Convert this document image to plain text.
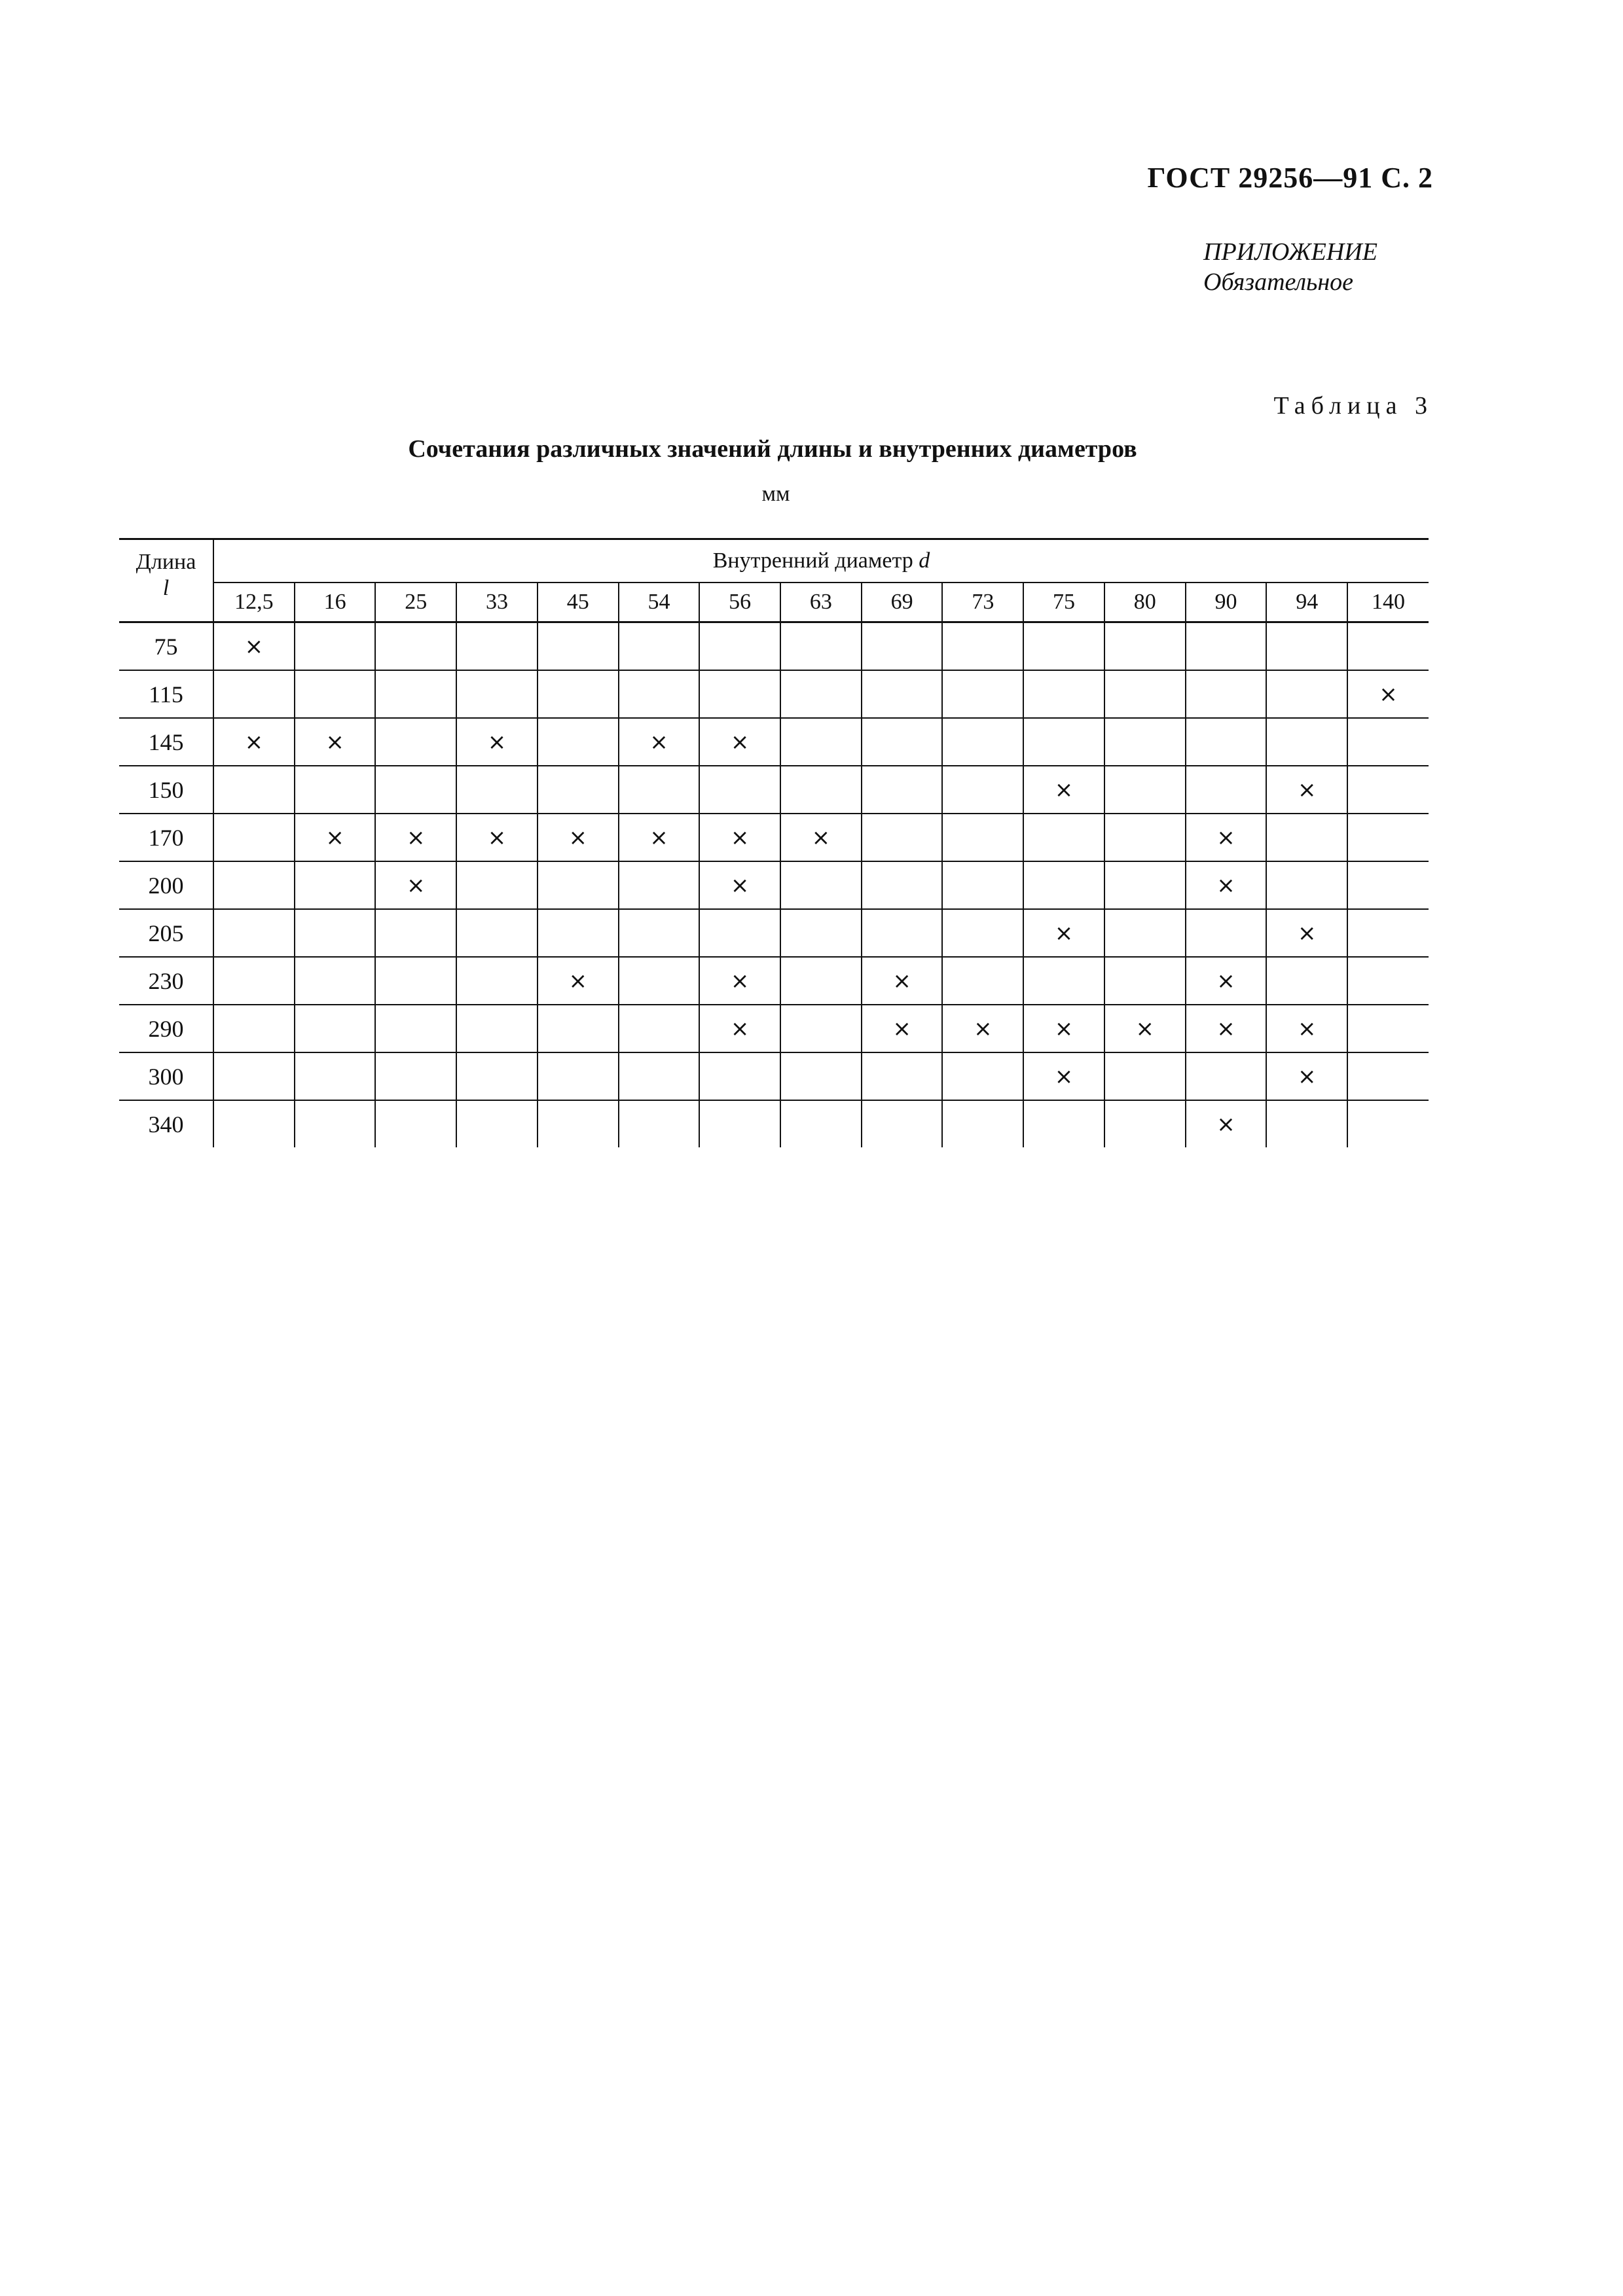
ГОСТ 29256—91 С. 2
ПРИЛОЖЕНИЕ
Обязательное
Таблица 3
Сочетания различных значений длины и внутренних диаметров
мм
Длина
l	Внутренний диаметр d														
	12,5	16	25	33	45	54	56	63	69	73	75	80	90	94	140
75	×														
115															×
145	×	×		×		×	×								
150											×			×	
170		×	×	×	×	×	×	×					×		
200			×				×						×		
205											×			×	
230					×		×		×				×		
290							×		×	×	×	×	×	×	
300											×			×	
340													×		
